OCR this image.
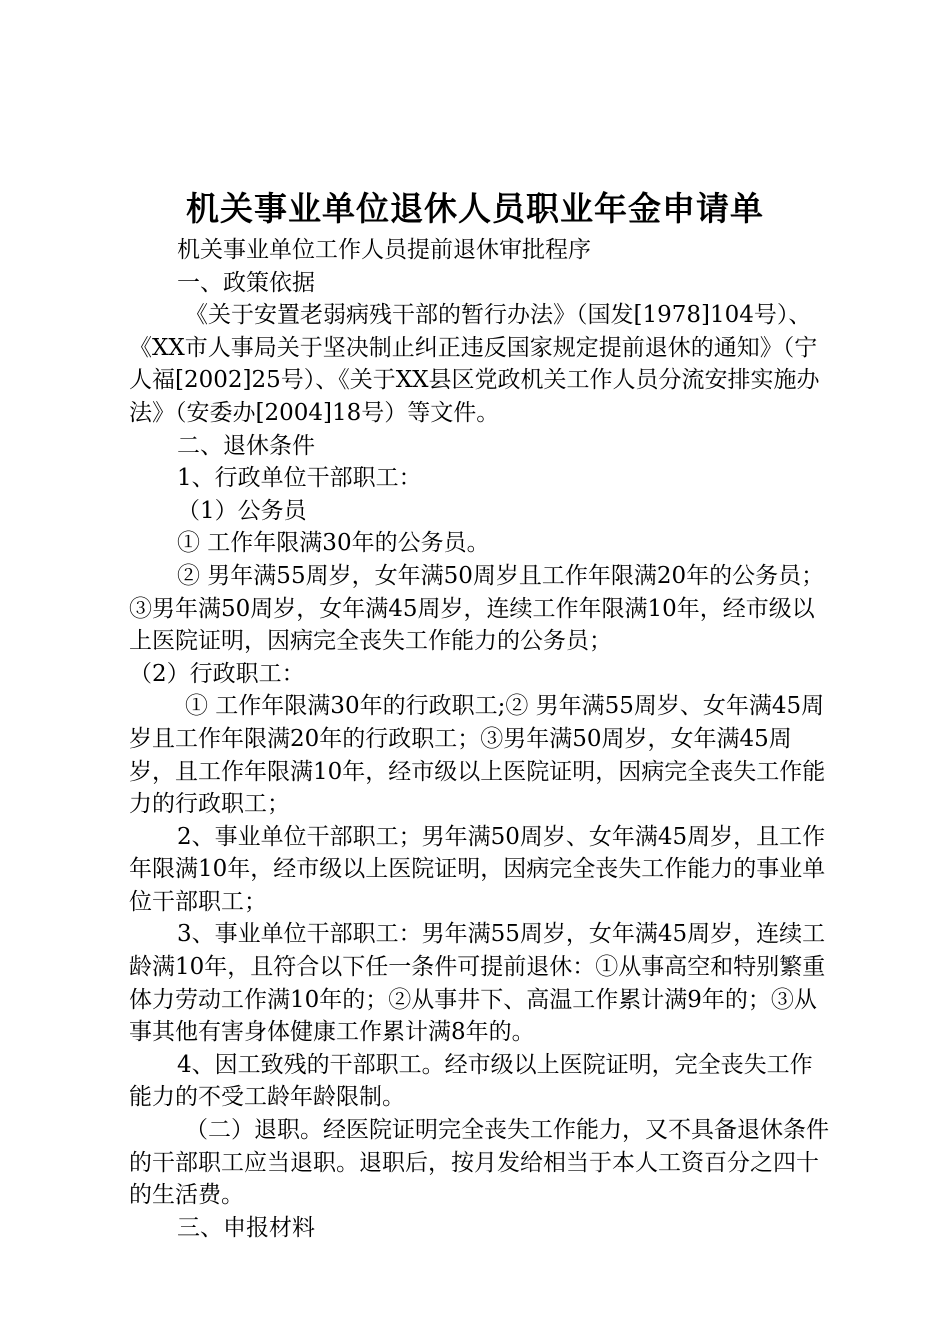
机关事业单位退休人员职业年金申请单

机关事业单位工作人员提前退休审批程序

一、政策依据

《关于安置老弱病残干部的暂行办法》（国发[1978]104号）、《XX市人事局关于坚决制止纠正违反国家规定提前退休的通知》（宁人福[2002]25号）、《关于XX县区党政机关工作人员分流安排实施办法》（安委办[2004]18号）等文件。

二、退休条件

1、行政单位干部职工：

（1）公务员

① 工作年限满30年的公务员。

② 男年满55周岁，女年满50周岁且工作年限满20年的公务员；③男年满50周岁，女年满45周岁，连续工作年限满10年，经市级以上医院证明，因病完全丧失工作能力的公务员；

（2）行政职工：

① 工作年限满30年的行政职工;② 男年满55周岁、女年满45周岁且工作年限满20年的行政职工；③男年满50周岁，女年满45周岁，且工作年限满10年，经市级以上医院证明，因病完全丧失工作能力的行政职工；

2、事业单位干部职工；男年满50周岁、女年满45周岁，且工作年限满10年，经市级以上医院证明，因病完全丧失工作能力的事业单位干部职工；

3、事业单位干部职工：男年满55周岁，女年满45周岁，连续工龄满10年，且符合以下任一条件可提前退休：①从事高空和特别繁重体力劳动工作满10年的；②从事井下、高温工作累计满9年的；③从事其他有害身体健康工作累计满8年的。

4、因工致残的干部职工。经市级以上医院证明，完全丧失工作能力的不受工龄年龄限制。

（二）退职。经医院证明完全丧失工作能力，又不具备退休条件的干部职工应当退职。退职后，按月发给相当于本人工资百分之四十的生活费。

三、申报材料
